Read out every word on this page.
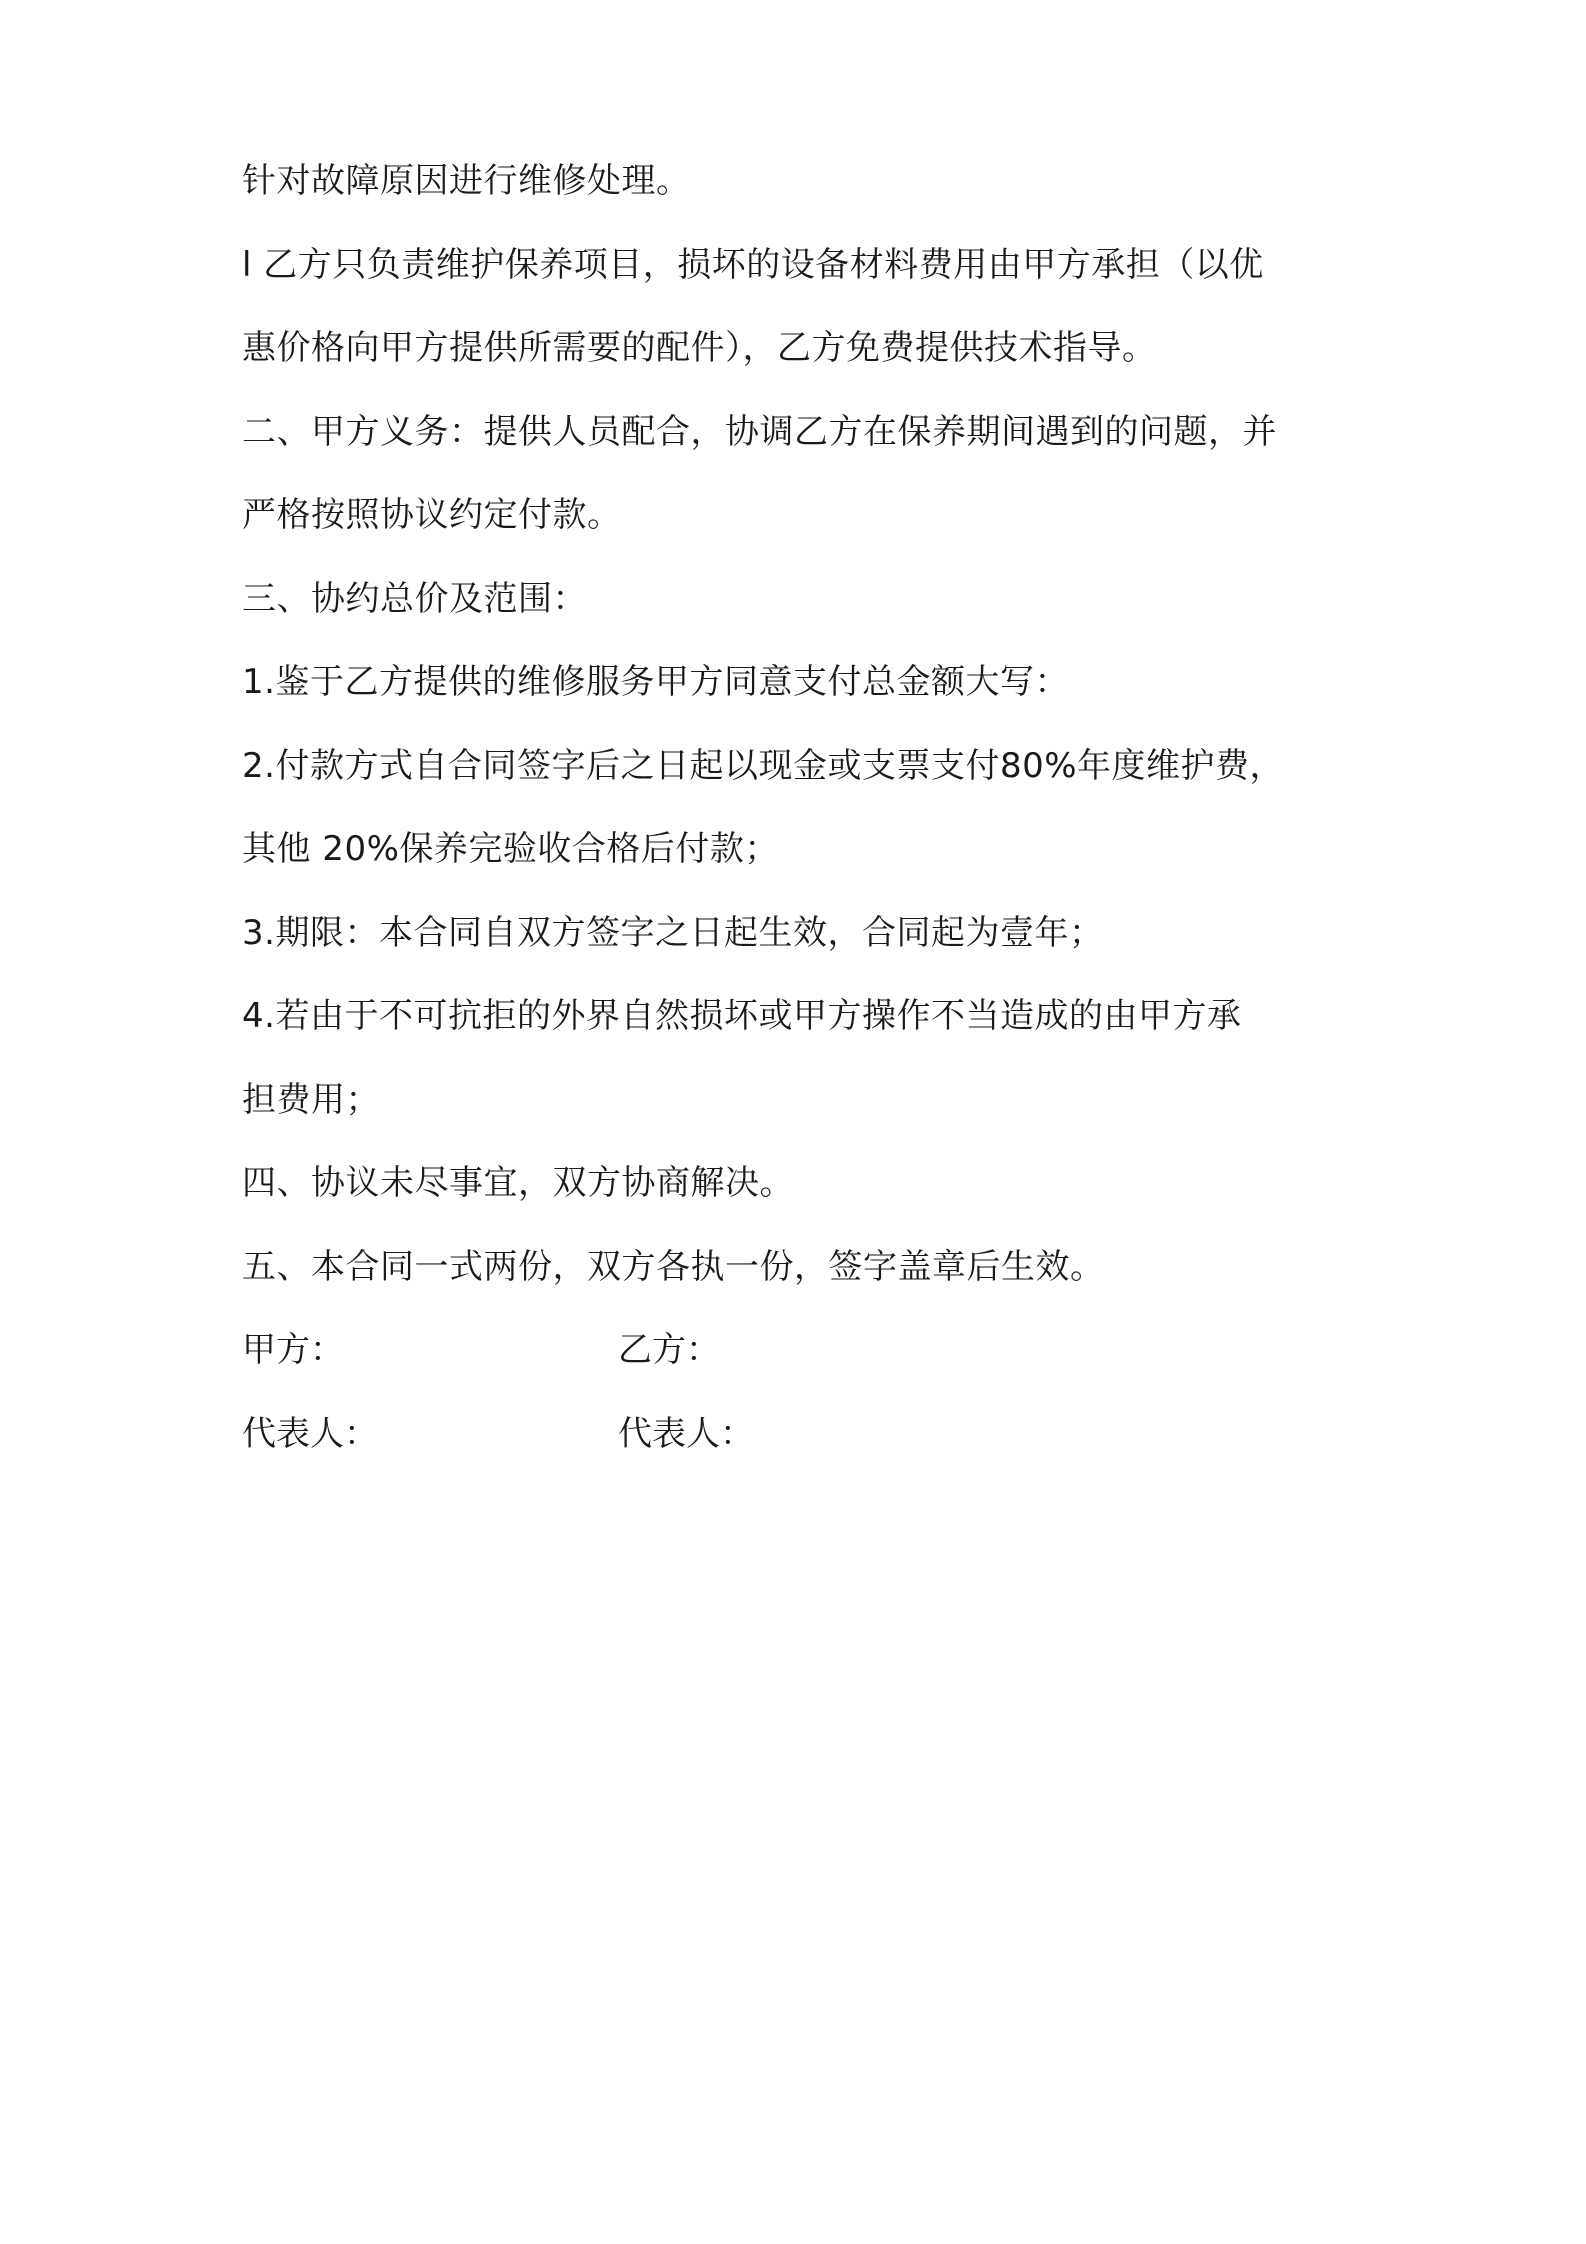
针对故障原因进行维修处理。
l 乙方只负责维护保养项目，损坏的设备材料费用由甲方承担（以优
惠价格向甲方提供所需要的配件），乙方免费提供技术指导。
二、甲方义务：提供人员配合，协调乙方在保养期间遇到的问题，并
严格按照协议约定付款。
三、协约总价及范围：
1.鉴于乙方提供的维修服务甲方同意支付总金额大写：
2.付款方式自合同签字后之日起以现金或支票支付80%年度维护费，
其他 20%保养完验收合格后付款；
3.期限：本合同自双方签字之日起生效，合同起为壹年；
4.若由于不可抗拒的外界自然损坏或甲方操作不当造成的由甲方承
担费用；
四、协议未尽事宜，双方协商解决。
五、本合同一式两份，双方各执一份，签字盖章后生效。
甲方：	乙方：
代表人：	代表人：
